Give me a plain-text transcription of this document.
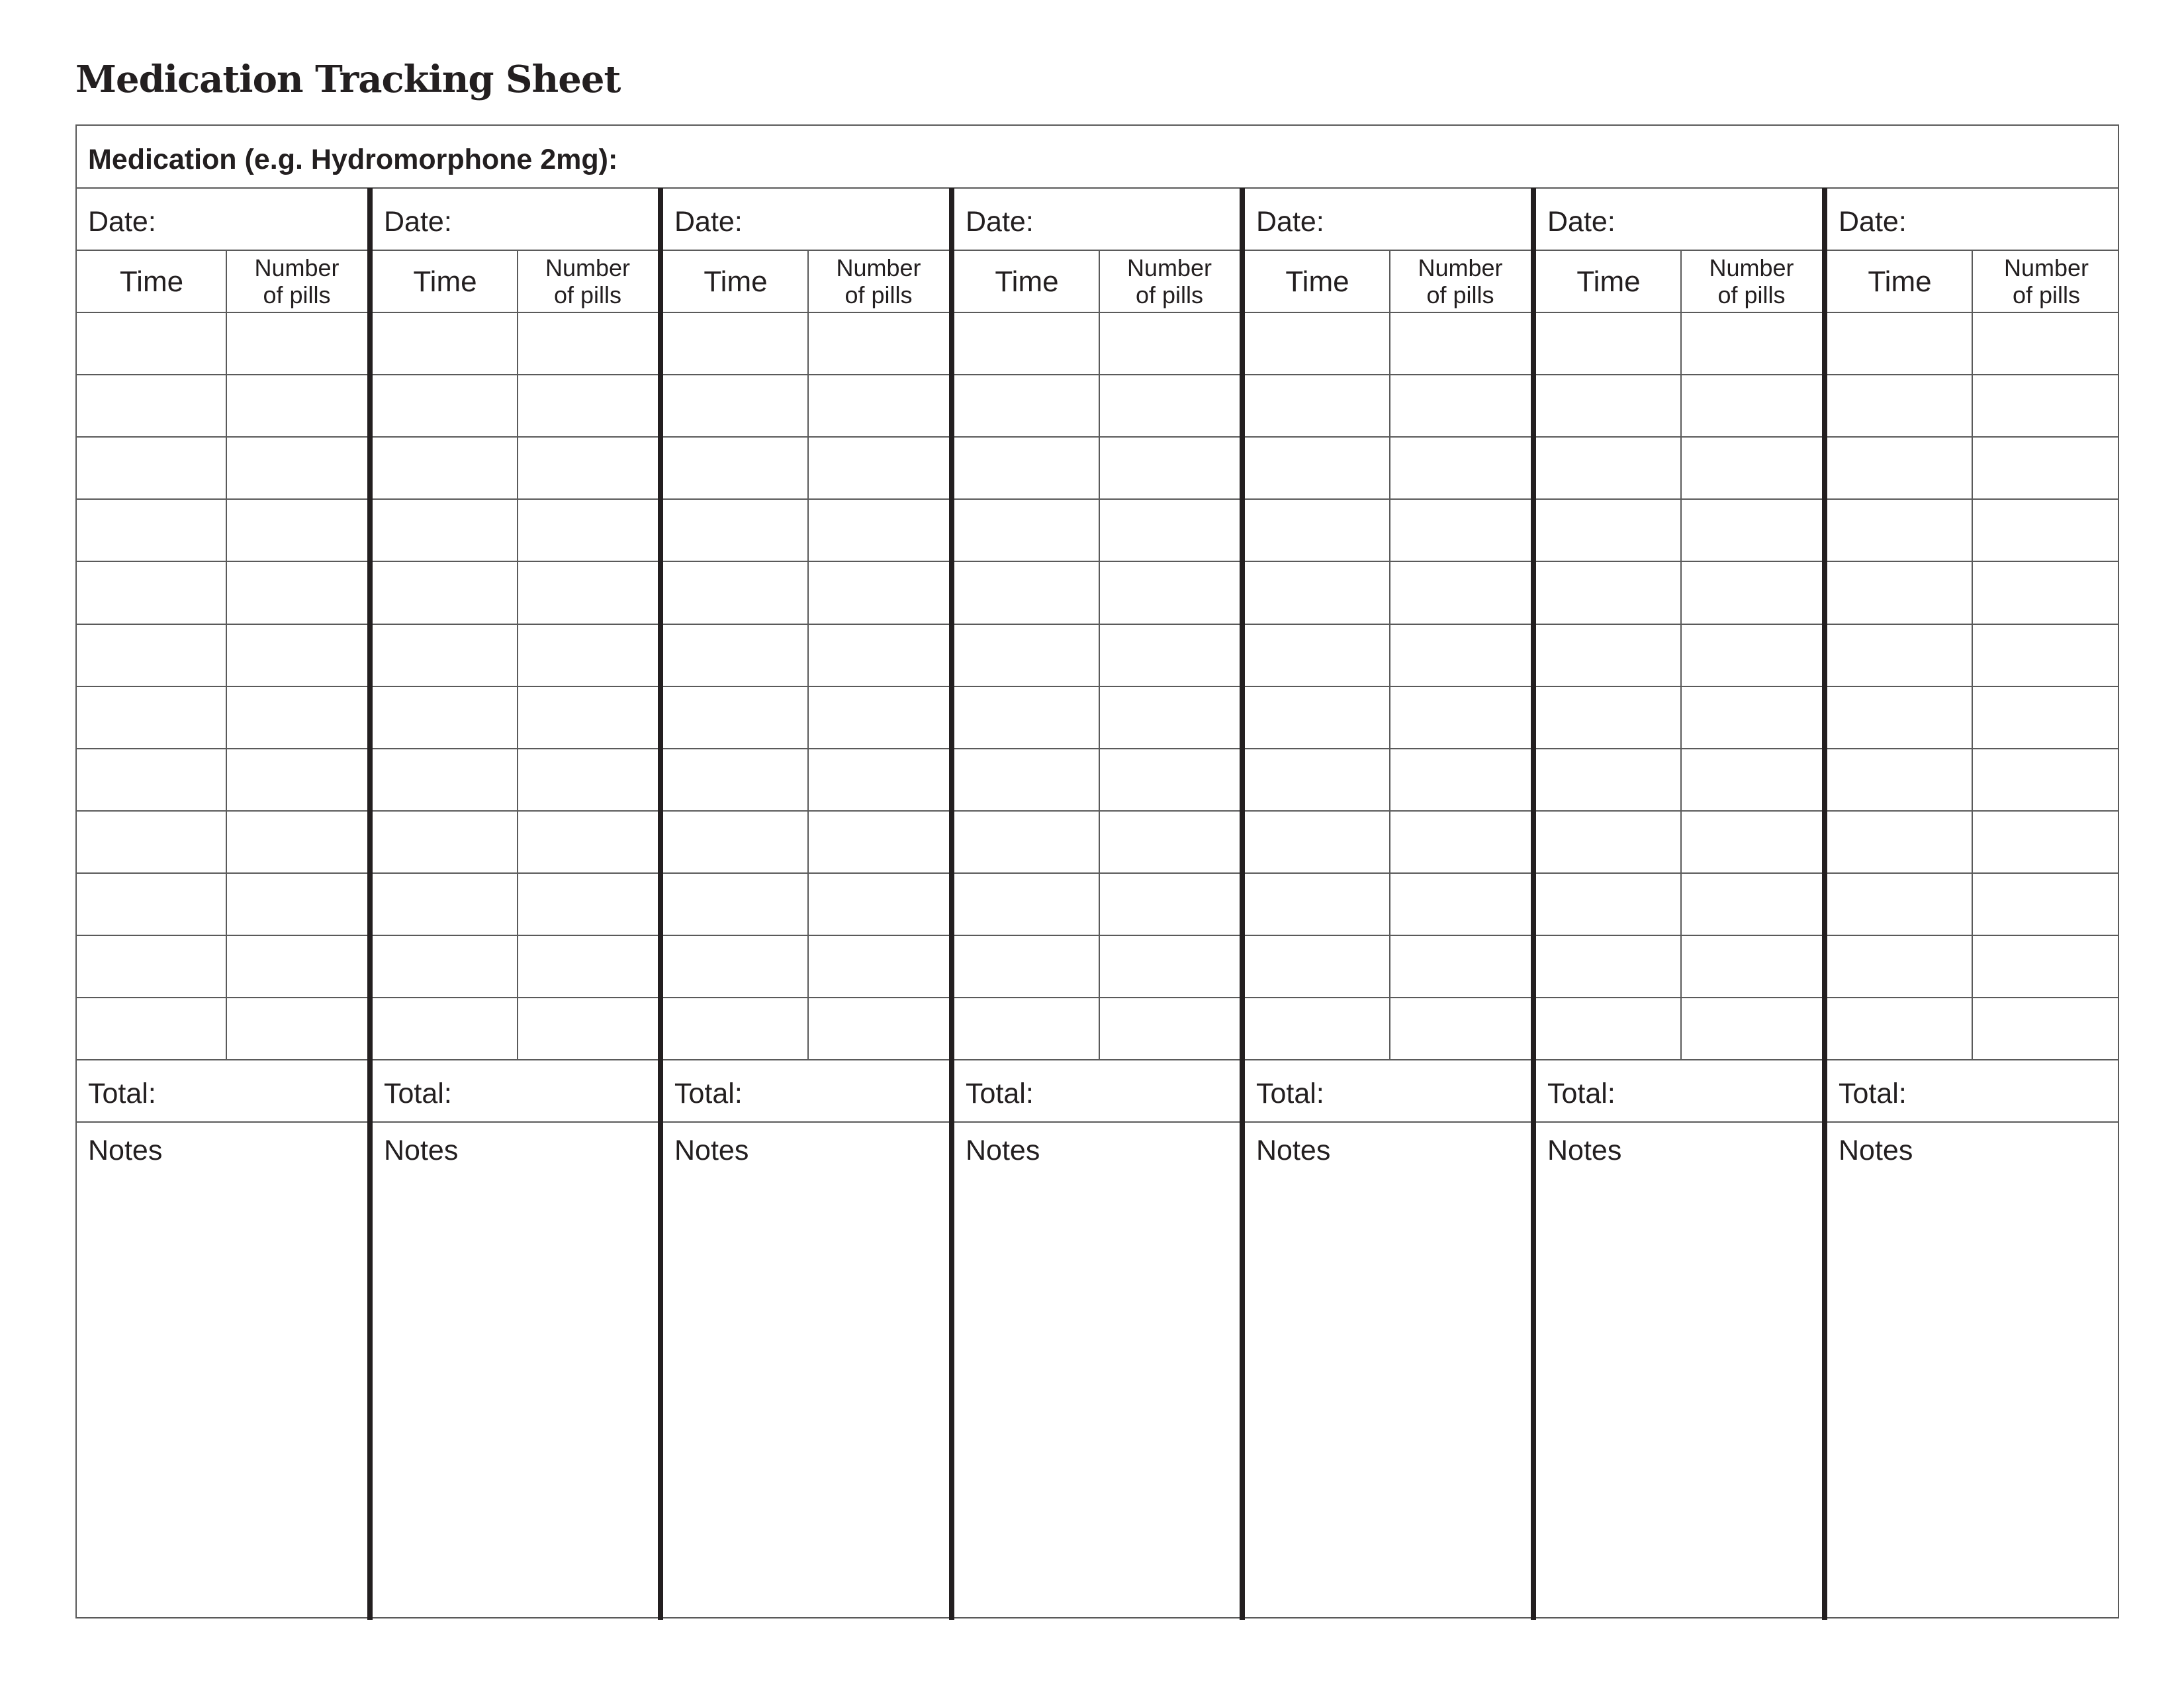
Medication Tracking Sheet
Medication (e.g. Hydromorphone 2mg):
Date:
Time	Number
of pills
Total:
Notes
Date:
Time	Number
of pills
Total:
Notes
Date:
Time	Number
of pills
Total:
Notes
Date:
Time	Number
of pills
Total:
Notes
Date:
Time	Number
of pills
Total:
Notes
Date:
Time	Number
of pills
Total:
Notes
Date:
Time	Number
of pills
Total:
Notes
